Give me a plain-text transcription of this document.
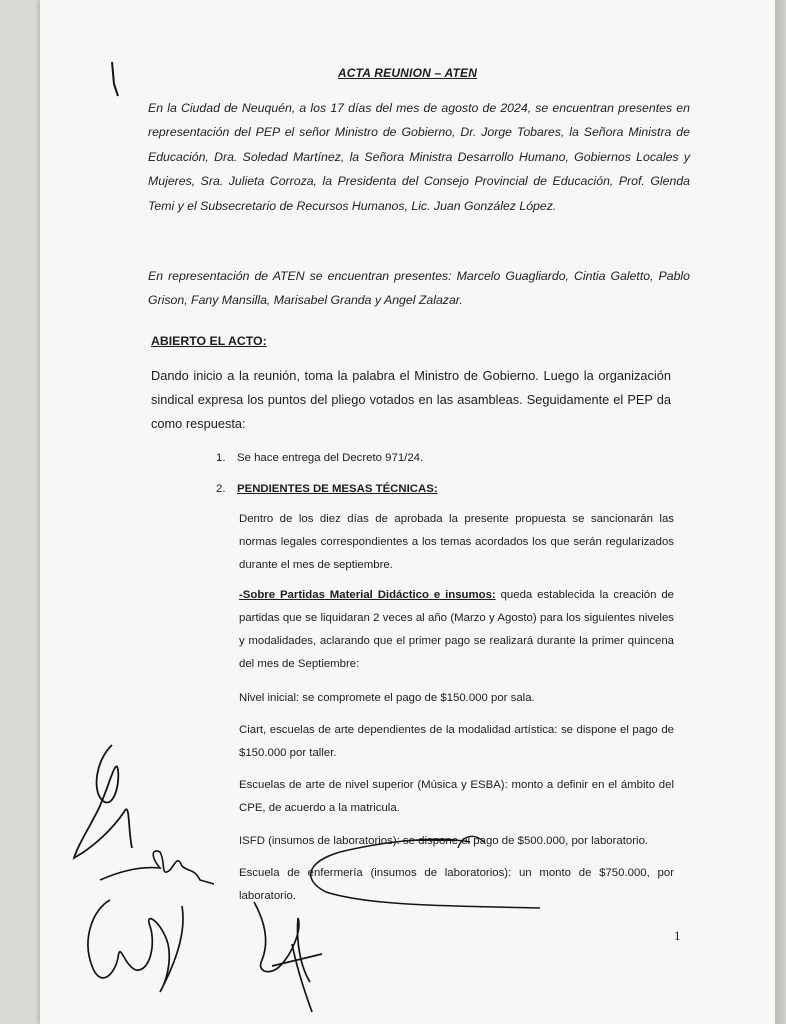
ACTA REUNION – ATEN
En la Ciudad de Neuquén, a los 17 días del mes de agosto de 2024, se encuentran presentes en representación del PEP el señor Ministro de Gobierno, Dr. Jorge Tobares, la Señora Ministra de Educación, Dra. Soledad Martínez, la Señora Ministra Desarrollo Humano, Gobiernos Locales y Mujeres, Sra. Julieta Corroza, la Presidenta del Consejo Provincial de Educación, Prof. Glenda Temi y el Subsecretario de Recursos Humanos, Lic. Juan González López.
En representación de ATEN se encuentran presentes: Marcelo Guagliardo, Cintia Galetto, Pablo Grison, Fany Mansilla, Marisabel Granda y Angel Zalazar.
ABIERTO EL ACTO:
Dando inicio a la reunión, toma la palabra el Ministro de Gobierno. Luego la organización sindical expresa los puntos del pliego votados en las asambleas. Seguidamente el PEP da como respuesta:
1. Se hace entrega del Decreto 971/24.
2. PENDIENTES DE MESAS TÉCNICAS:
Dentro de los diez días de aprobada la presente propuesta se sancionarán las normas legales correspondientes a los temas acordados los que serán regularizados durante el mes de septiembre.
-Sobre Partidas Material Didáctico e insumos: queda establecida la creación de partidas que se liquidaran 2 veces al año (Marzo y Agosto) para los siguientes niveles y modalidades, aclarando que el primer pago se realizará durante la primer quincena del mes de Septiembre:
Nivel inicial: se compromete el pago de $150.000 por sala.
Ciart, escuelas de arte dependientes de la modalidad artística: se dispone el pago de $150.000 por taller.
Escuelas de arte de nivel superior (Música y ESBA): monto a definir en el ámbito del CPE, de acuerdo a la matricula.
ISFD (insumos de laboratorios): se dispone el pago de $500.000, por laboratorio.
Escuela de enfermería (insumos de laboratorios): un monto de $750.000, por laboratorio.
1
